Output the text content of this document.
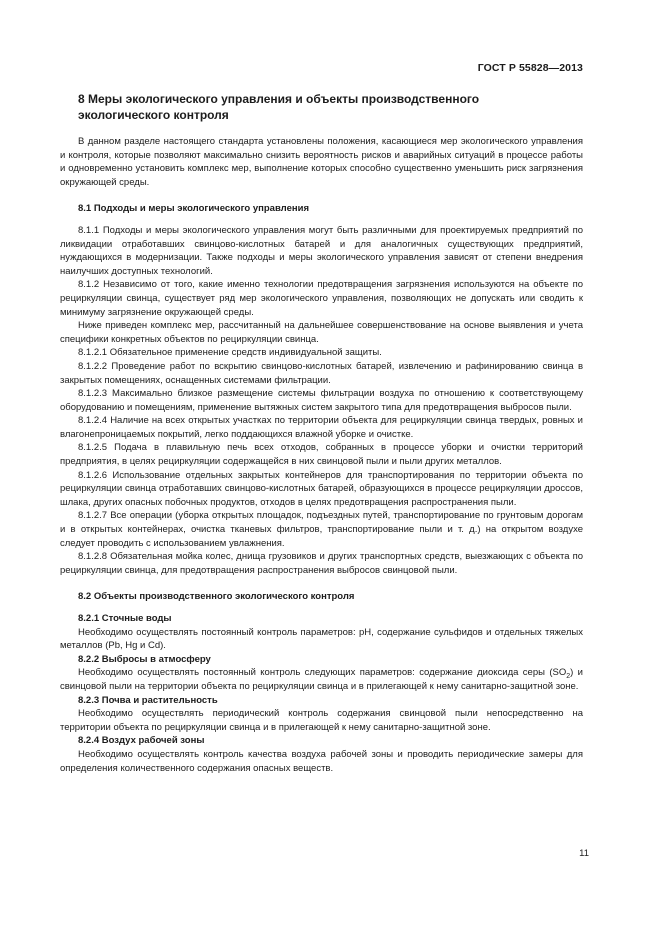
ГОСТ Р 55828—2013
8 Меры экологического управления и объекты производственного
экологического контроля

В данном разделе настоящего стандарта установлены положения, касающиеся мер экологического управления и контроля, которые позволяют максимально снизить вероятность рисков и аварийных ситуаций в процессе работы и одновременно установить комплекс мер, выполнение которых способно существенно уменьшить риск загрязнения окружающей среды.

8.1 Подходы и меры экологического управления

8.1.1 Подходы и меры экологического управления могут быть различными для проектируемых предприятий по ликвидации отработавших свинцово-кислотных батарей и для аналогичных существующих предприятий, нуждающихся в модернизации. Также подходы и меры экологического управления зависят от степени внедрения наилучших доступных технологий.

8.1.2 Независимо от того, какие именно технологии предотвращения загрязнения используются на объекте по рециркуляции свинца, существует ряд мер экологического управления, позволяющих не допускать или сводить к минимуму загрязнение окружающей среды.

Ниже приведен комплекс мер, рассчитанный на дальнейшее совершенствование на основе выявления и учета специфики конкретных объектов по рециркуляции свинца.

8.1.2.1 Обязательное применение средств индивидуальной защиты.

8.1.2.2 Проведение работ по вскрытию свинцово-кислотных батарей, извлечению и рафинированию свинца в закрытых помещениях, оснащенных системами фильтрации.

8.1.2.3 Максимально близкое размещение системы фильтрации воздуха по отношению к соответствующему оборудованию и помещениям, применение вытяжных систем закрытого типа для предотвращения выбросов пыли.

8.1.2.4 Наличие на всех открытых участках по территории объекта для рециркуляции свинца твердых, ровных и влагонепроницаемых покрытий, легко поддающихся влажной уборке и очистке.

8.1.2.5 Подача в плавильную печь всех отходов, собранных в процессе уборки и очистки территорий предприятия, в целях рециркуляции содержащейся в них свинцовой пыли и пыли других металлов.

8.1.2.6 Использование отдельных закрытых контейнеров для транспортирования по территории объекта по рециркуляции свинца отработавших свинцово-кислотных батарей, образующихся в процессе рециркуляции дроссов, шлака, других опасных побочных продуктов, отходов в целях предотвращения распространения пыли.

8.1.2.7 Все операции (уборка открытых площадок, подъездных путей, транспортирование по грунтовым дорогам и в открытых контейнерах, очистка тканевых фильтров, транспортирование пыли и т. д.) на открытом воздухе следует проводить с использованием увлажнения.

8.1.2.8 Обязательная мойка колес, днища грузовиков и других транспортных средств, выезжающих с объекта по рециркуляции свинца, для предотвращения распространения выбросов свинцовой пыли.

8.2 Объекты производственного экологического контроля
8.2.1 Сточные воды

Необходимо осуществлять постоянный контроль параметров: pH, содержание сульфидов и отдельных тяжелых металлов (Pb, Hg и Cd).

8.2.2 Выбросы в атмосферу

Необходимо осуществлять постоянный контроль следующих параметров: содержание диоксида серы $(SO_2)$ и свинцовой пыли на территории объекта по рециркуляции свинца и в прилегающей к нему санитарно-защитной зоне.

8.2.3 Почва и растительность

Необходимо осуществлять периодический контроль содержания свинцовой пыли непосредственно на территории объекта по рециркуляции свинца и в прилегающей к нему санитарно-защитной зоне.

8.2.4 Воздух рабочей зоны

Необходимо осуществлять контроль качества воздуха рабочей зоны и проводить периодические замеры для определения количественного содержания опасных веществ.

11
